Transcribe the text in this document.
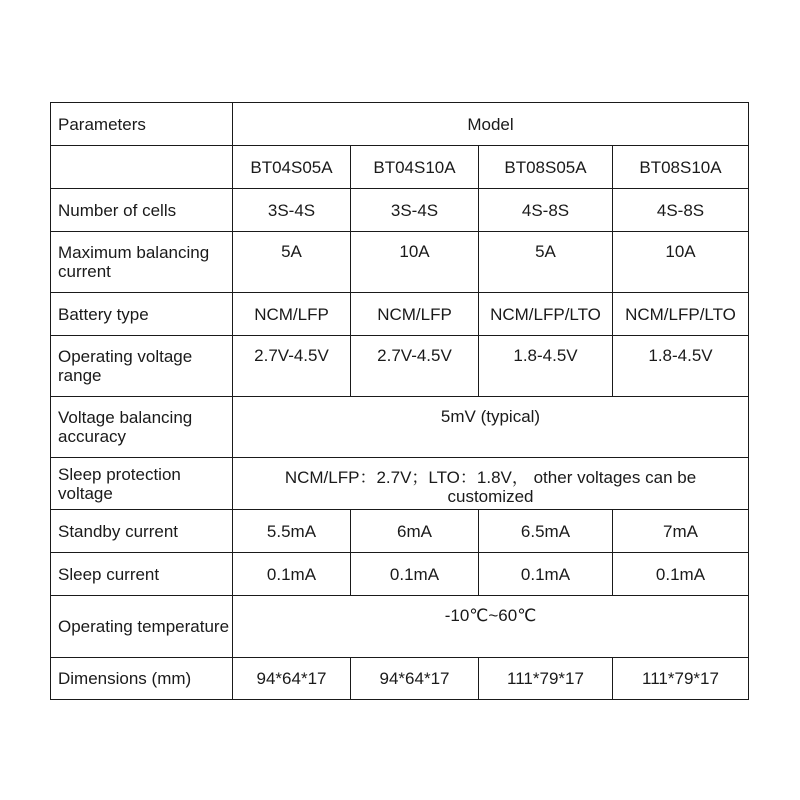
Parameters	Model			
	BT04S05A	BT04S10A	BT08S05A	BT08S10A
Number of cells	3S-4S	3S-4S	4S-8S	4S-8S
Maximum balancing current	5A	10A	5A	10A
Battery type	NCM/LFP	NCM/LFP	NCM/LFP/LTO	NCM/LFP/LTO
Operating voltage range	2.7V-4.5V	2.7V-4.5V	1.8-4.5V	1.8-4.5V
Voltage balancing accuracy	5mV (typical)			
Sleep protection voltage	NCM/LFP：2.7V；LTO：1.8V， other voltages can be customized			
Standby current	5.5mA	6mA	6.5mA	7mA
Sleep current	0.1mA	0.1mA	0.1mA	0.1mA
Operating temperature	-10℃~60℃			
Dimensions (mm)	94*64*17	94*64*17	111*79*17	111*79*17
